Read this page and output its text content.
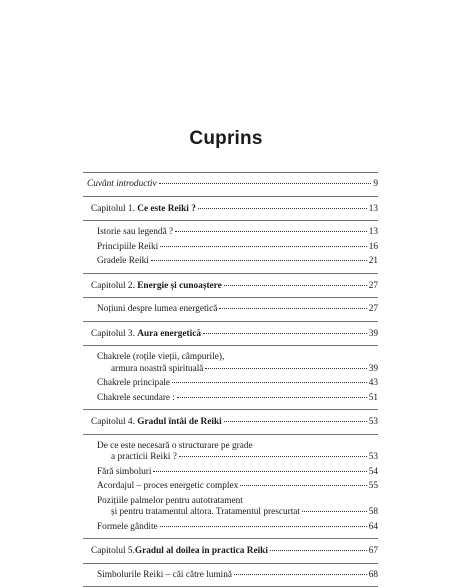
Cuprins
Cuvânt introductiv	9
Capitolul 1. Ce este Reiki ?	13
Istorie sau legendă ?	13
Principiile Reiki	16
Gradele Reiki	21
Capitolul 2. Energie și cunoaștere	27
Noțiuni despre lumea energetică	27
Capitolul 3. Aura energetică	39
Chakrele (roțile vieții, câmpurile),
armura noastră spirituală	39
Chakrele principale	43
Chakrele secundare :	51
Capitolul 4. Gradul întâi de Reiki	53
De ce este necesară o structurare pe grade
a practicii Reiki ?	53
Fără simboluri	54
Acordajul – proces energetic complex	55
Pozițiile palmelor pentru autotratament
și pentru tratamentul altora. Tratamentul prescurtat	58
Formele gândite	64
Capitolul 5.Gradul al doilea în practica Reiki	67
Simbolurile Reiki – căi către lumină	68
